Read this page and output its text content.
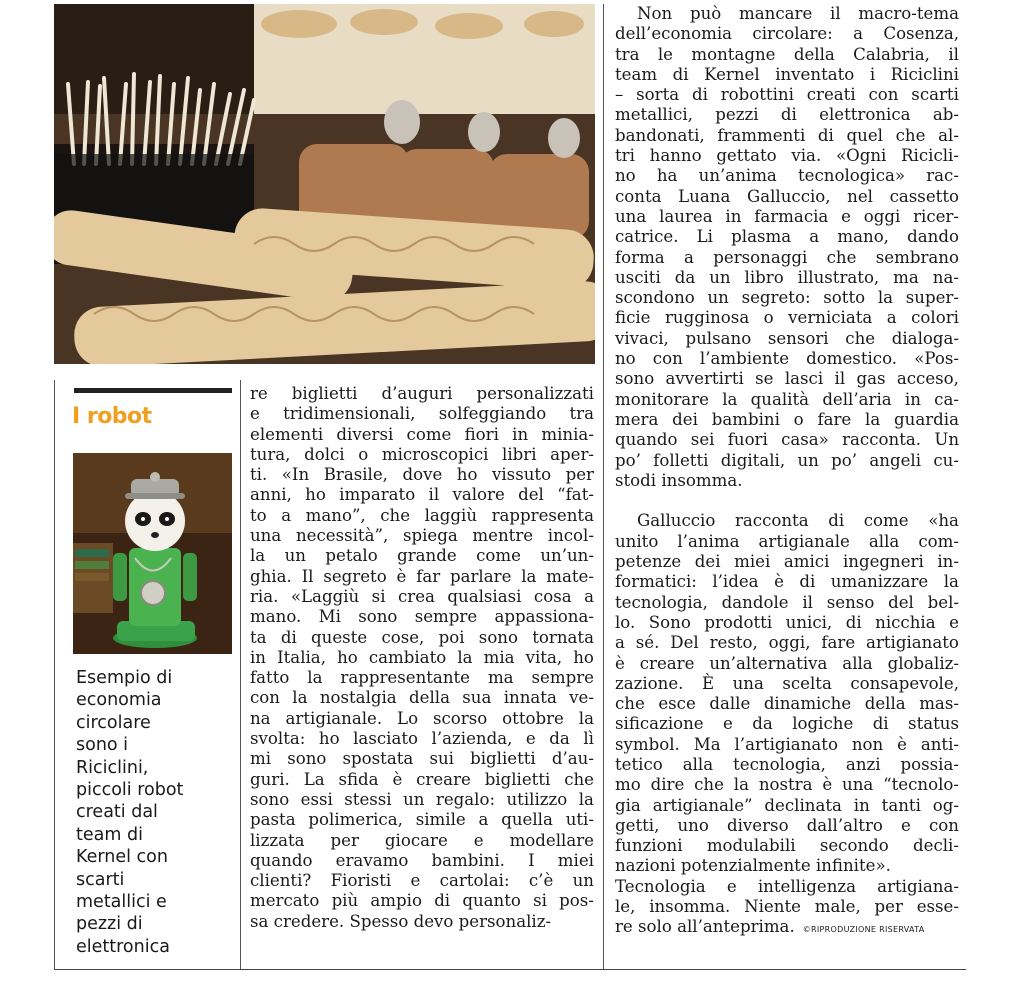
I robot
Esempio di
economia
circolare
sono i
Riciclini,
piccoli robot
creati dal
team di
Kernel con
scarti
metallici e
pezzi di
elettronica
re biglietti d’auguri personalizzati
e tridimensionali, solfeggiando tra
elementi diversi come fiori in minia-
tura, dolci o microscopici libri aper-
ti. «In Brasile, dove ho vissuto per
anni, ho imparato il valore del “fat-
to a mano”, che laggiù rappresenta
una necessità”, spiega mentre incol-
la un petalo grande come un’un-
ghia. Il segreto è far parlare la mate-
ria. «Laggiù si crea qualsiasi cosa a
mano. Mi sono sempre appassiona-
ta di queste cose, poi sono tornata
in Italia, ho cambiato la mia vita, ho
fatto la rappresentante ma sempre
con la nostalgia della sua innata ve-
na artigianale. Lo scorso ottobre la
svolta: ho lasciato l’azienda, e da lì
mi sono spostata sui biglietti d’au-
guri. La sfida è creare biglietti che
sono essi stessi un regalo: utilizzo la
pasta polimerica, simile a quella uti-
lizzata per giocare e modellare
quando eravamo bambini. I miei
clienti? Fioristi e cartolai: c’è un
mercato più ampio di quanto si pos-
sa credere. Spesso devo personaliz-
Non può mancare il macro-tema
dell’economia circolare: a Cosenza,
tra le montagne della Calabria, il
team di Kernel inventato i Riciclini
– sorta di robottini creati con scarti
metallici, pezzi di elettronica ab-
bandonati, frammenti di quel che al-
tri hanno gettato via. «Ogni Ricicli-
no ha un’anima tecnologica» rac-
conta Luana Galluccio, nel cassetto
una laurea in farmacia e oggi ricer-
catrice. Li plasma a mano, dando
forma a personaggi che sembrano
usciti da un libro illustrato, ma na-
scondono un segreto: sotto la super-
ficie rugginosa o verniciata a colori
vivaci, pulsano sensori che dialoga-
no con l’ambiente domestico. «Pos-
sono avvertirti se lasci il gas acceso,
monitorare la qualità dell’aria in ca-
mera dei bambini o fare la guardia
quando sei fuori casa» racconta. Un
po’ folletti digitali, un po’ angeli cu-
stodi insomma.
Galluccio racconta di come «ha
unito l’anima artigianale alla com-
petenze dei miei amici ingegneri in-
formatici: l’idea è di umanizzare la
tecnologia, dandole il senso del bel-
lo. Sono prodotti unici, di nicchia e
a sé. Del resto, oggi, fare artigianato
è creare un’alternativa alla globaliz-
zazione. È una scelta consapevole,
che esce dalle dinamiche della mas-
sificazione e da logiche di status
symbol. Ma l’artigianato non è anti-
tetico alla tecnologia, anzi possia-
mo dire che la nostra è una “tecnolo-
gia artigianale” declinata in tanti og-
getti, uno diverso dall’altro e con
funzioni modulabili secondo decli-
nazioni potenzialmente infinite».
Tecnologia e intelligenza artigiana-
le, insomma. Niente male, per esse-
re solo all’anteprima. ©RIPRODUZIONE RISERVATA
